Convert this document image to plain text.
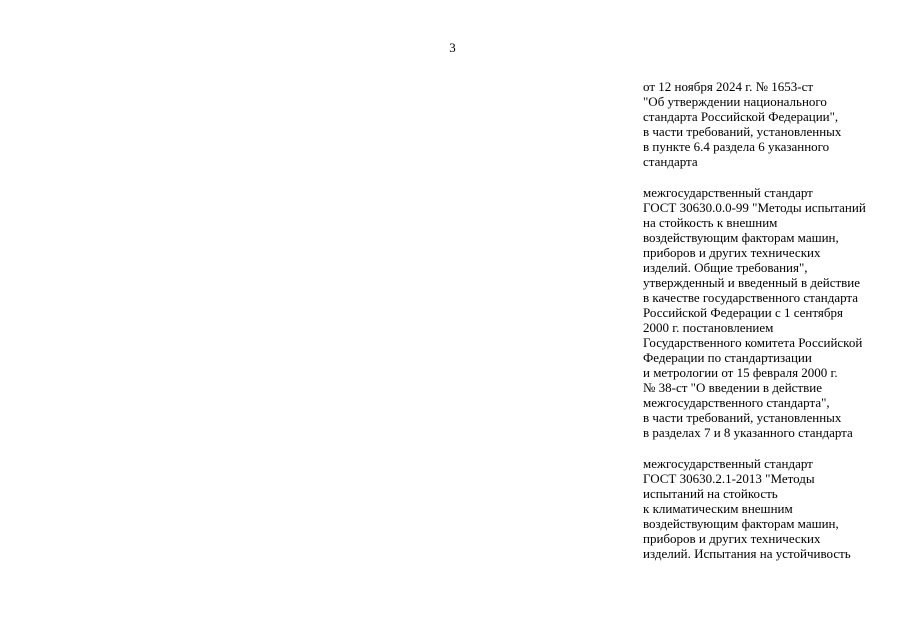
3
от 12 ноября 2024 г. № 1653-ст
"Об утверждении национального
стандарта Российской Федерации",
в части требований, установленных
в пункте 6.4 раздела 6 указанного
стандарта
межгосударственный стандарт
ГОСТ 30630.0.0-99 "Методы испытаний
на стойкость к внешним
воздействующим факторам машин,
приборов и других технических
изделий. Общие требования",
утвержденный и введенный в действие
в качестве государственного стандарта
Российской Федерации с 1 сентября
2000 г. постановлением
Государственного комитета Российской
Федерации по стандартизации
и метрологии от 15 февраля 2000 г.
№ 38-ст "О введении в действие
межгосударственного стандарта",
в части требований, установленных
в разделах 7 и 8 указанного стандарта
межгосударственный стандарт
ГОСТ 30630.2.1-2013 "Методы
испытаний на стойкость
к климатическим внешним
воздействующим факторам машин,
приборов и других технических
изделий. Испытания на устойчивость
